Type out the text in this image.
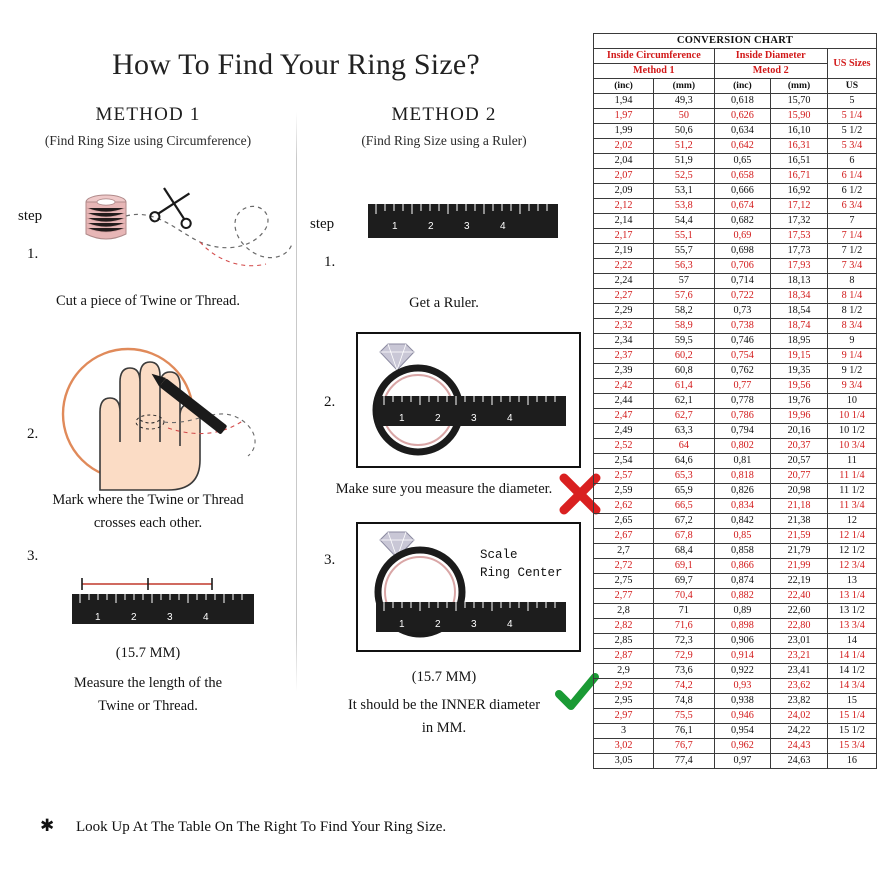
How To Find Your Ring Size?
METHOD 1
(Find Ring Size using Circumference)
step
1.
Cut a piece of Twine or Thread.
2.
Mark where the Twine or Thread
crosses each other.
3.
1	2	3	4
(15.7 MM)
Measure the length of the
Twine or Thread.
METHOD 2
(Find Ring Size using a Ruler)
step
1.
1	2	3	4
Get a Ruler.
2.
1	2	3	4
Make sure you measure the diameter.
3.
1	2	3	4
Scale
Ring Center
(15.7 MM)
It should be the INNER diameter
in MM.
✱ Look Up At The Table On The Right To Find Your Ring Size.
CONVERSION CHART				

Inside Circumference		Inside Diameter		US Sizes
Method 1		Metod 2		
(inc)	(mm)	(inc)	(mm)	US
1,94	49,3	0,618	15,70	5
1,97	50	0,626	15,90	5 1/4
1,99	50,6	0,634	16,10	5 1/2
2,02	51,2	0,642	16,31	5 3/4
2,04	51,9	0,65	16,51	6
2,07	52,5	0,658	16,71	6 1/4
2,09	53,1	0,666	16,92	6 1/2
2,12	53,8	0,674	17,12	6 3/4
2,14	54,4	0,682	17,32	7
2,17	55,1	0,69	17,53	7 1/4
2,19	55,7	0,698	17,73	7 1/2
2,22	56,3	0,706	17,93	7 3/4
2,24	57	0,714	18,13	8
2,27	57,6	0,722	18,34	8 1/4
2,29	58,2	0,73	18,54	8 1/2
2,32	58,9	0,738	18,74	8 3/4
2,34	59,5	0,746	18,95	9
2,37	60,2	0,754	19,15	9 1/4
2,39	60,8	0,762	19,35	9 1/2
2,42	61,4	0,77	19,56	9 3/4
2,44	62,1	0,778	19,76	10
2,47	62,7	0,786	19,96	10 1/4
2,49	63,3	0,794	20,16	10 1/2
2,52	64	0,802	20,37	10 3/4
2,54	64,6	0,81	20,57	11
2,57	65,3	0,818	20,77	11 1/4
2,59	65,9	0,826	20,98	11 1/2
2,62	66,5	0,834	21,18	11 3/4
2,65	67,2	0,842	21,38	12
2,67	67,8	0,85	21,59	12 1/4
2,7	68,4	0,858	21,79	12 1/2
2,72	69,1	0,866	21,99	12 3/4
2,75	69,7	0,874	22,19	13
2,77	70,4	0,882	22,40	13 1/4
2,8	71	0,89	22,60	13 1/2
2,82	71,6	0,898	22,80	13 3/4
2,85	72,3	0,906	23,01	14
2,87	72,9	0,914	23,21	14 1/4
2,9	73,6	0,922	23,41	14 1/2
2,92	74,2	0,93	23,62	14 3/4
2,95	74,8	0,938	23,82	15
2,97	75,5	0,946	24,02	15 1/4
3	76,1	0,954	24,22	15 1/2
3,02	76,7	0,962	24,43	15 3/4
3,05	77,4	0,97	24,63	16
